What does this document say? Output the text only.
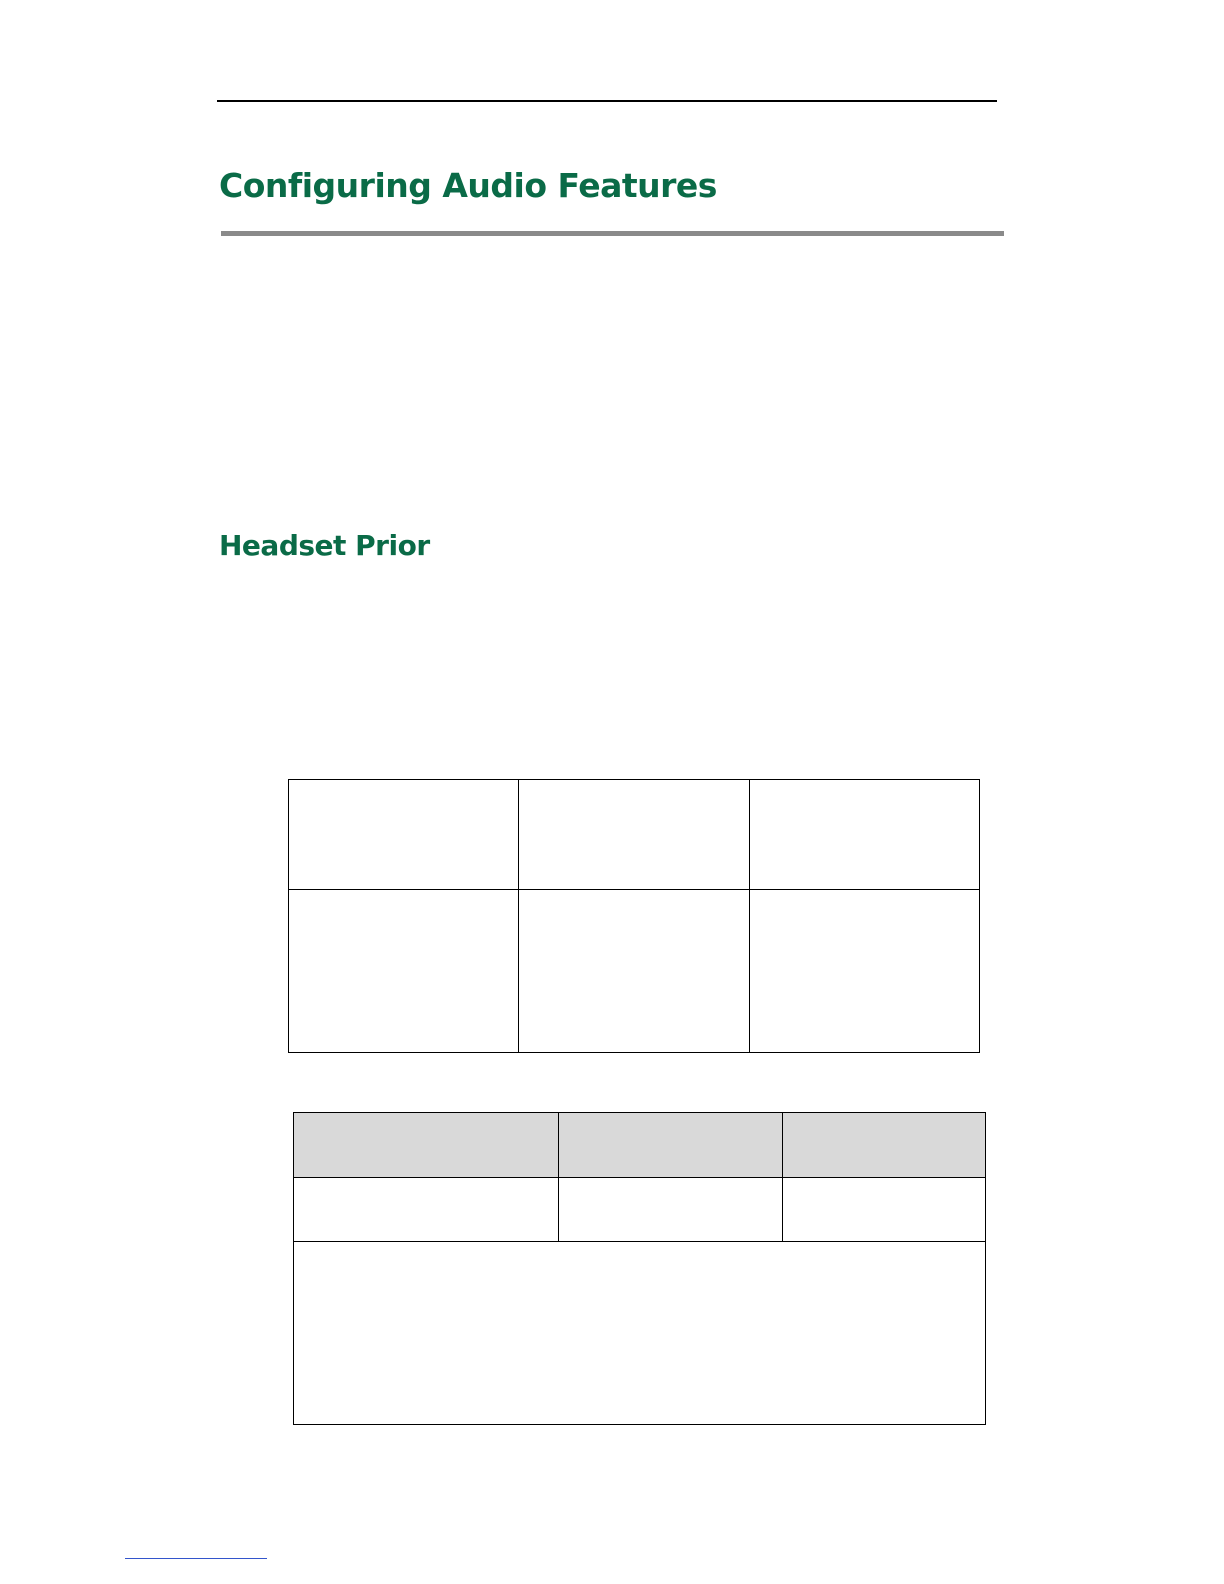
Configuring Audio Features
Headset Prior
